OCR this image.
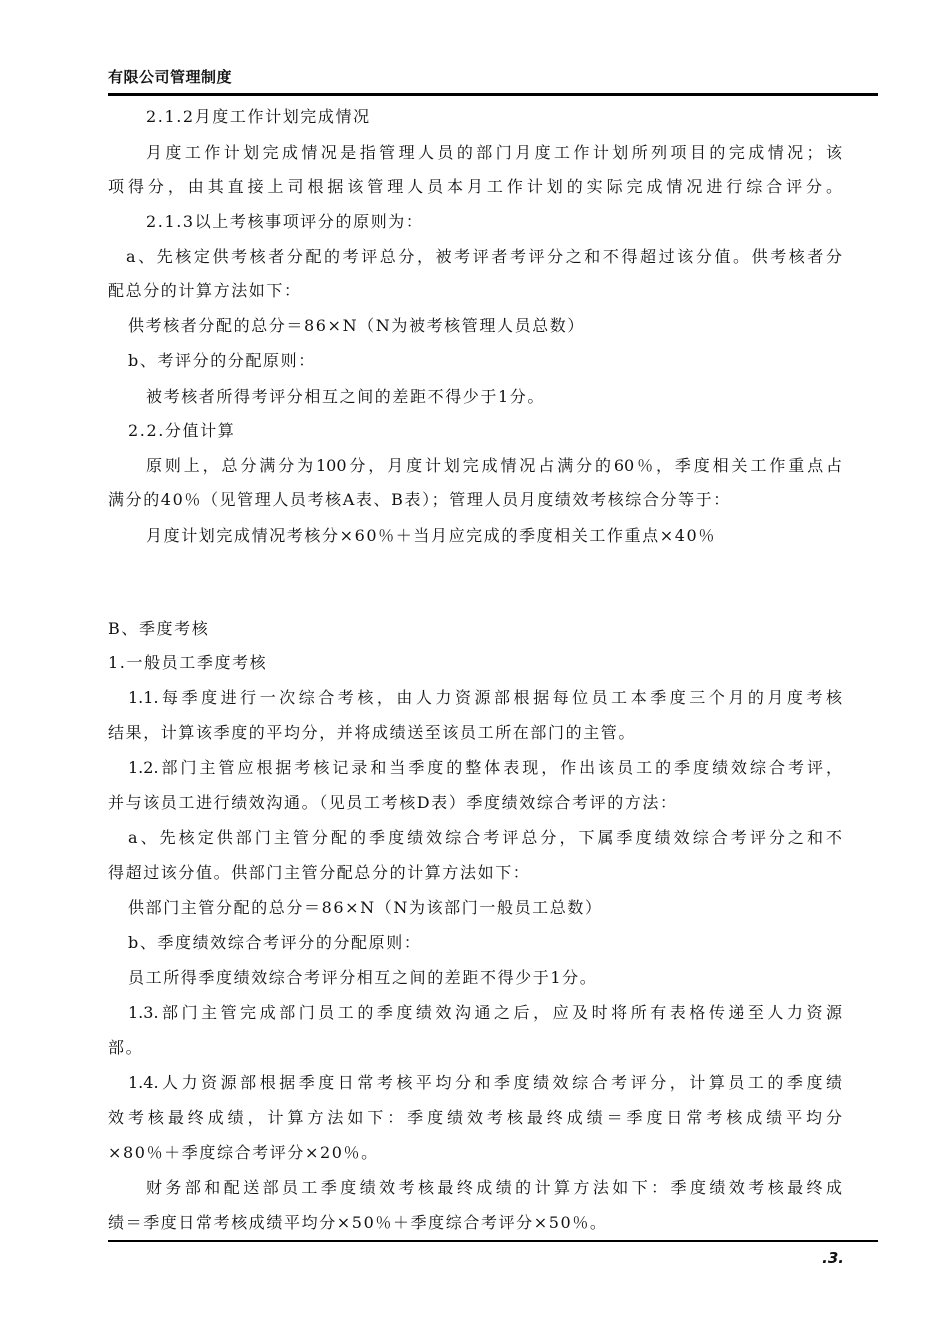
有限公司管理制度
2.1.2月度工作计划完成情况
月度工作计划完成情况是指管理人员的部门月度工作计划所列项目的完成情况；该
项得分，由其直接上司根据该管理人员本月工作计划的实际完成情况进行综合评分。
2.1.3以上考核事项评分的原则为：
a、先核定供考核者分配的考评总分，被考评者考评分之和不得超过该分值。供考核者分
配总分的计算方法如下：
供考核者分配的总分＝86×N（N为被考核管理人员总数）
b、考评分的分配原则：
被考核者所得考评分相互之间的差距不得少于1分。
2.2.分值计算
原则上，总分满分为100分，月度计划完成情况占满分的60％，季度相关工作重点占
满分的40％（见管理人员考核A表、B表）；管理人员月度绩效考核综合分等于：
月度计划完成情况考核分×60％＋当月应完成的季度相关工作重点×40％
B、季度考核
1.一般员工季度考核
1.1.每季度进行一次综合考核，由人力资源部根据每位员工本季度三个月的月度考核
结果，计算该季度的平均分，并将成绩送至该员工所在部门的主管。
1.2.部门主管应根据考核记录和当季度的整体表现，作出该员工的季度绩效综合考评，
并与该员工进行绩效沟通。（见员工考核D表）季度绩效综合考评的方法：
a、先核定供部门主管分配的季度绩效综合考评总分，下属季度绩效综合考评分之和不
得超过该分值。供部门主管分配总分的计算方法如下：
供部门主管分配的总分＝86×N（N为该部门一般员工总数）
b、季度绩效综合考评分的分配原则：
员工所得季度绩效综合考评分相互之间的差距不得少于1分。
1.3.部门主管完成部门员工的季度绩效沟通之后，应及时将所有表格传递至人力资源
部。
1.4.人力资源部根据季度日常考核平均分和季度绩效综合考评分，计算员工的季度绩
效考核最终成绩，计算方法如下：季度绩效考核最终成绩＝季度日常考核成绩平均分
×80％＋季度综合考评分×20％。
财务部和配送部员工季度绩效考核最终成绩的计算方法如下：季度绩效考核最终成
绩＝季度日常考核成绩平均分×50％＋季度综合考评分×50％。
.3.
